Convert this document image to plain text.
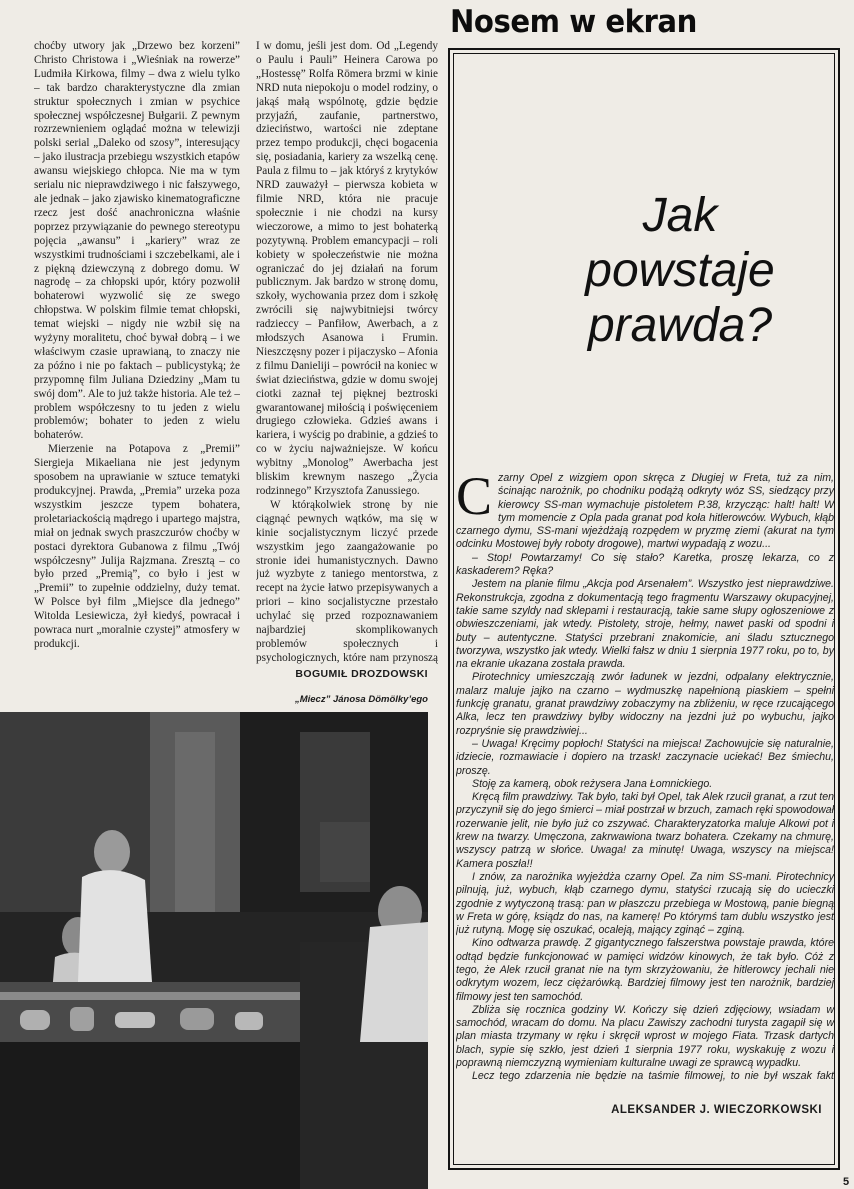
choćby utwory jak „Drzewo bez korzeni” Christo Christowa i „Wieśniak na rowerze” Ludmiła Kirkowa, filmy – dwa z wielu tylko – tak bardzo charakterystyczne dla zmian struktur społecznych i zmian w psychice społecznej współczesnej Bułgarii. Z pewnym rozrzewnieniem oglądać można w telewizji polski serial „Daleko od szosy”, interesujący – jako ilustracja przebiegu wszystkich etapów awansu wiejskiego chłopca. Nie ma w tym serialu nic nieprawdziwego i nic fałszywego, ale jednak – jako zjawisko kinematograficzne rzecz jest dość anachroniczna właśnie poprzez przywiązanie do pewnego stereotypu pojęcia „awansu” i „kariery” wraz ze wszystkimi trudnościami i szczebelkami, ale i z piękną dziewczyną z dobrego domu. W nagrodę – za chłopski upór, który pozwolił bohaterowi wyzwolić się ze swego chłopstwa. W polskim filmie temat chłopski, temat wiejski – nigdy nie wzbił się na wyżyny moralitetu, choć bywał dobrą – i we właściwym czasie uprawianą, to znaczy nie za późno i nie po faktach – publicystyką; że przypomnę film Juliana Dziedziny „Mam tu swój dom”. Ale to już także historia. Ale też – problem współczesny to tu jeden z wielu problemów; bohater to jeden z wielu bohaterów.

Mierzenie na Potapova z „Premii” Siergieja Mikaeliana nie jest jedynym sposobem na uprawianie w sztuce tematyki produkcyjnej. Prawda, „Premia” urzeka poza wszystkim jeszcze typem bohatera, proletariackością mądrego i upartego majstra, miał on jednak swych praszczurów choćby w postaci dyrektora Gubanowa z filmu „Twój współczesny” Julija Rajzmana. Zresztą – co było przed „Premią”, co było i jest w „Premii” to zupełnie oddzielny, duży temat. W Polsce był film „Miejsce dla jednego” Witolda Lesiewicza, żył kiedyś, powracał i powraca nurt „moralnie czystej” atmosfery w produkcji.

I w domu, jeśli jest dom. Od „Legendy o Paulu i Pauli” Heinera Carowa po „Hostessę” Rolfa Römera brzmi w kinie NRD nuta niepokoju o model rodziny, o jakąś małą wspólnotę, gdzie będzie przyjaźń, zaufanie, partnerstwo, dzieciństwo, wartości nie zdeptane przez tempo produkcji, chęci bogacenia się, posiadania, kariery za wszelką cenę. Paula z filmu to – jak któryś z krytyków NRD zauważył – pierwsza kobieta w filmie NRD, która nie pracuje społecznie i nie chodzi na kursy wieczorowe, a mimo to jest bohaterką pozytywną. Problem emancypacji – roli kobiety w społeczeństwie nie można ograniczać do jej działań na forum publicznym. Jak bardzo w stronę domu, szkoły, wychowania przez dom i szkołę zwrócili się najwybitniejsi twórcy radzieccy – Panfiłow, Awerbach, a z młodszych Asanowa i Frumin. Nieszczęsny pozer i pijaczysko – Afonia z filmu Danieliji – powrócił na koniec w świat dzieciństwa, gdzie w domu swojej ciotki zaznał tej pięknej beztroski gwarantowanej miłością i poświęceniem drugiego człowieka. Gdzieś awans i kariera, i wyścig po drabinie, a gdzieś to co w życiu najważniejsze. W końcu wybitny „Monolog” Awerbacha jest bliskim krewnym naszego „Życia rodzinnego” Krzysztofa Zanussiego.

W którąkolwiek stronę by nie ciągnąć pewnych wątków, ma się w kinie socjalistycznym liczyć przede wszystkim jego zaangażowanie po stronie idei humanistycznych. Dawno już wyzbyte z taniego mentorstwa, z recept na życie łatwo przepisywanych a priori – kino socjalistyczne przestało uchylać się przed rozpoznawaniem najbardziej skomplikowanych problemów społecznych i psychologicznych, które nam przynoszą

BOGUMIŁ DROZDOWSKI
„Miecz” Jánosa Dömölky’ego
Nosem w ekran
Jak
powstaje
prawda?

Czarny Opel z wizgiem opon skręca z Długiej w Freta, tuż za nim, ścinając narożnik, po chodniku podążą odkryty wóz SS, siedzący przy kierowcy SS-man wymachuje pistoletem P.38, krzycząc: halt! halt! W tym momencie z Opla pada granat pod koła hitlerowców. Wybuch, kłąb czarnego dymu, SS-mani wjeżdżają rozpędem w pryzmę ziemi (akurat na tym odcinku Mostowej były roboty drogowe), martwi wypadają z wozu...

– Stop! Powtarzamy! Co się stało? Karetka, proszę lekarza, co z kaskaderem? Ręka?

Jestem na planie filmu „Akcja pod Arsenałem”. Wszystko jest nieprawdziwe. Rekonstrukcja, zgodna z dokumentacją tego fragmentu Warszawy okupacyjnej, takie same szyldy nad sklepami i restauracją, takie same słupy ogłoszeniowe z obwieszczeniami, jak wtedy. Pistolety, stroje, hełmy, nawet paski od spodni i buty – autentyczne. Statyści przebrani znakomicie, ani śladu sztucznego tworzywa, wszystko jak wtedy. Wielki fałsz w dniu 1 sierpnia 1977 roku, po to, by na ekranie ukazana została prawda.

Pirotechnicy umieszczają zwór ładunek w jezdni, odpalany elektrycznie, malarz maluje jajko na czarno – wydmuszkę napełnioną piaskiem – spełni funkcję granatu, granat prawdziwy zobaczymy na zbliżeniu, w ręce rzucającego Alka, lecz ten prawdziwy byłby widoczny na jezdni już po wybuchu, jajko rozpryśnie się prawdziwiej...

– Uwaga! Kręcimy popłoch! Statyści na miejsca! Zachowujcie się naturalnie, idziecie, rozmawiacie i dopiero na trzask! zaczynacie uciekać! Bez śmiechu, proszę.

Stoję za kamerą, obok reżysera Jana Łomnickiego.

Kręcą film prawdziwy. Tak było, taki był Opel, tak Alek rzucił granat, a rzut ten przyczynił się do jego śmierci – miał postrzał w brzuch, zamach ręki spowodował rozerwanie jelit, nie było już co zszywać. Charakteryzatorka maluje Alkowi pot i krew na twarzy. Umęczona, zakrwawiona twarz bohatera. Czekamy na chmurę, wszyscy patrzą w słońce. Uwaga! za minutę! Uwaga, wszyscy na miejsca! Kamera poszła!!

I znów, za narożnika wyjeżdża czarny Opel. Za nim SS-mani. Pirotechnicy pilnują, już, wybuch, kłąb czarnego dymu, statyści rzucają się do ucieczki zgodnie z wytyczoną trasą: pan w płaszczu przebiega w Mostową, panie biegną w Freta w górę, ksiądz do nas, na kamerę! Po którymś tam dublu wszystko jest już rutyną. Mogę się oszukać, ocaleją, mający zginąć – zginą.

Kino odtwarza prawdę. Z gigantycznego fałszerstwa powstaje prawda, które odtąd będzie funkcjonować w pamięci widzów kinowych, że tak było. Cóż z tego, że Alek rzucił granat nie na tym skrzyżowaniu, że hitlerowcy jechali nie odkrytym wozem, lecz ciężarówką. Bardziej filmowy jest ten narożnik, bardziej filmowy jest ten samochód.

Zbliża się rocznica godziny W. Kończy się dzień zdjęciowy, wsiadam w samochód, wracam do domu. Na placu Zawiszy zachodni turysta zagapił się w plan miasta trzymany w ręku i skręcił wprost w mojego Fiata. Trzask dartych blach, sypie się szkło, jest dzień 1 sierpnia 1977 roku, wyskakuję z wozu i poprawną niemczyzną wymieniam kulturalne uwagi ze sprawcą wypadku.

Lecz tego zdarzenia nie będzie na taśmie filmowej, to nie był wszak fakt

ALEKSANDER J. WIECZORKOWSKI
5
